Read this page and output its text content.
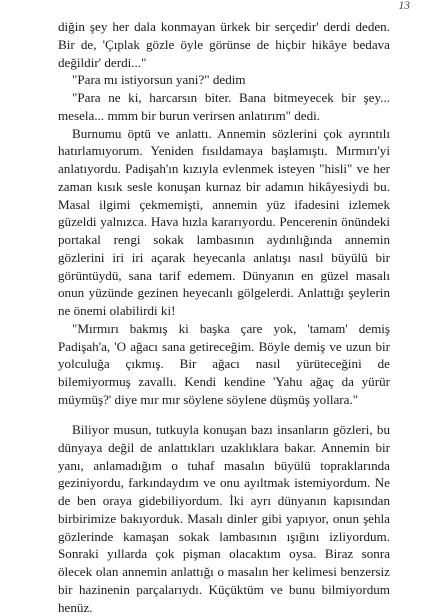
13

diğin şey her dala konmayan ürkek bir serçedir' derdi deden. Bir de, 'Çıplak gözle öyle görünse de hiçbir hikâye bedava değildir' derdi..."

"Para mı istiyorsun yani?" dedim

"Para ne ki, harcarsın biter. Bana bitmeyecek bir şey... mesela... mmm bir burun verirsen anlatırım" dedi.

Burnumu öptü ve anlattı. Annemin sözlerini çok ayrıntılı hatırlamıyorum. Yeniden fısıldamaya başlamıştı. Mırmırı'yi anlatıyordu. Padişah'ın kızıyla evlenmek isteyen "hisli" ve her zaman kısık sesle konuşan kurnaz bir adamın hikâyesiydi bu. Masal ilgimi çekmemişti, annemin yüz ifadesini izlemek güzeldi yalnızca. Hava hızla kararıyordu. Pencerenin önündeki portakal rengi sokak lambasının aydınlığında annemin gözlerini iri iri açarak heyecanla anlatışı nasıl büyülü bir görüntüydü, sana tarif edemem. Dünyanın en güzel masalı onun yüzünde gezinen heyecanlı gölgelerdi. Anlattığı şeylerin ne önemi olabilirdi ki!

"Mırmırı bakmış ki başka çare yok, 'tamam' demiş Padişah'a, 'O ağacı sana getireceğim. Böyle demiş ve uzun bir yolculuğa çıkmış. Bir ağacı nasıl yürüteceğini de bilemiyormuş zavallı. Kendi kendine 'Yahu ağaç da yürür müymüş?' diye mır mır söylene söylene düşmüş yollara."

Biliyor musun, tutkuyla konuşan bazı insanların gözleri, bu dünyaya değil de anlattıkları uzaklıklara bakar. Annemin bir yanı, anlamadığım o tuhaf masalın büyülü topraklarında geziniyordu, farkındaydım ve onu ayıltmak istemiyordum. Ne de ben oraya gidebiliyordum. İki ayrı dünyanın kapısından birbirimize bakıyorduk. Masalı dinler gibi yapıyor, onun şehla gözlerinde kamaşan sokak lambasının ışığını izliyordum. Sonraki yıllarda çok pişman olacaktım oysa. Biraz sonra ölecek olan annemin anlattığı o masalın her kelimesi benzersiz bir hazinenin parçalarıydı. Küçüktüm ve bunu bilmiyordum henüz.
